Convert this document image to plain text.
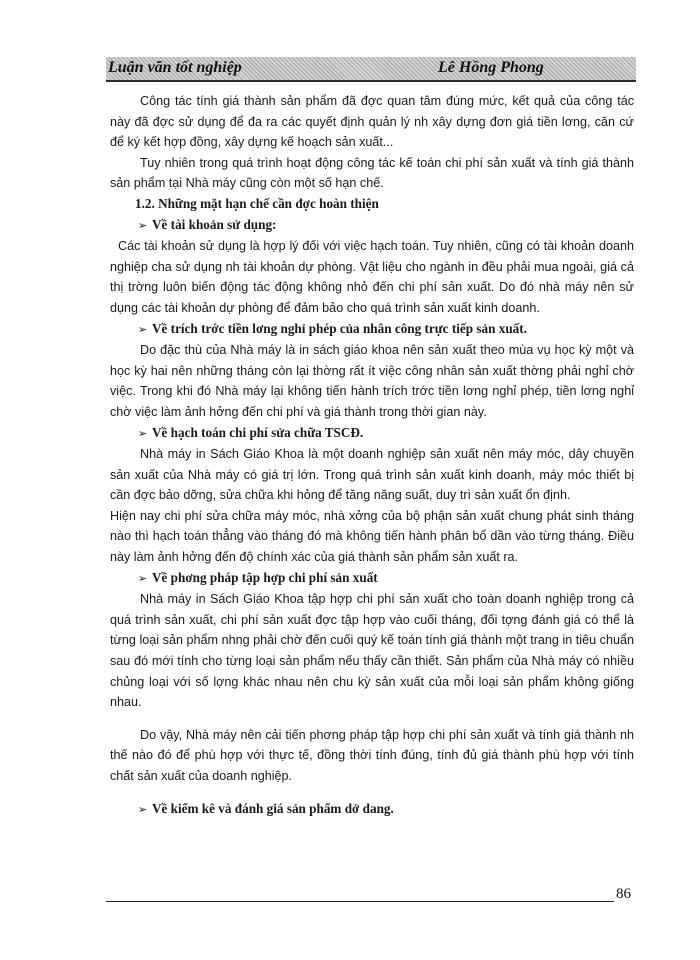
Luận văn tốt nghiệp	Lê Hồng Phong

Công tác tính giá thành sản phẩm đã đợc quan tâm đúng mức, kết quả của công tác này đã đợc sử dụng để đa ra các quyết định quản lý nh xây dựng đơn giá tiền lơng, căn cứ để ký kết hợp đồng, xây dựng kế hoạch sản xuất...

Tuy nhiên trong quá trình hoạt động công tác kế toán chi phí sản xuất và tính giá thành sản phẩm tại Nhà máy cũng còn một số hạn chế.

1.2. Những mặt hạn chế cần đợc hoàn thiện

➢ Về tài khoản sử dụng:

Các tài khoản sử dụng là hợp lý đối với việc hạch toán. Tuy nhiên, cũng có tài khoản doanh nghiệp cha sử dụng nh tài khoản dự phòng. Vật liệu cho ngành in đều phải mua ngoài, giá cả thị trờng luôn biến động tác động không nhỏ đến chi phí sản xuất. Do đó nhà máy nên sử dụng các tài khoản dự phòng để đảm bảo cho quá trình sản xuất kinh doanh.

➢ Về trích trớc tiền lơng nghỉ phép của nhân công trực tiếp sản xuất.

Do đặc thù của Nhà máy là in sách giáo khoa nên sản xuất theo mùa vụ học kỳ một và học kỳ hai nên những tháng còn lại thờng rất ít việc công nhân sản xuất thờng phải nghỉ chờ việc. Trong khi đó Nhà máy lại không tiến hành trích trớc tiền lơng nghỉ phép, tiền lơng nghỉ chờ việc làm ảnh hởng đến chi phí và giá thành trong thời gian này.

➢ Về hạch toán chi phí sửa chữa TSCĐ.

Nhà máy in Sách Giáo Khoa là một doanh nghiệp sản xuất nên máy móc, dây chuyền sản xuất của Nhà máy có giá trị lớn. Trong quá trình sản xuất kinh doanh, máy móc thiết bị cần đợc bảo dỡng, sửa chữa khi hỏng để tăng năng suất, duy trì sản xuất ổn định.

Hiện nay chi phí sửa chữa máy móc, nhà xởng của bộ phận sản xuất chung phát sinh tháng nào thì hạch toán thẳng vào tháng đó mà không tiến hành phân bổ dần vào từng tháng. Điều này làm ảnh hởng đến độ chính xác của giá thành sản phẩm sản xuất ra.

➢ Về phơng pháp tập hợp chi phí sản xuất

Nhà máy in Sách Giáo Khoa tập hợp chi phí sản xuất cho toàn doanh nghiệp trong cả quá trình sản xuất, chi phí sản xuất đợc tập hợp vào cuối tháng, đối tợng đánh giá có thể là từng loại sản phẩm nhng phải chờ đến cuối quý kế toán tính giá thành một trang in tiêu chuẩn sau đó mới tính cho từng loại sản phẩm nếu thấy cần thiết. Sản phẩm của Nhà máy có nhiều chủng loại với số lợng khác nhau nên chu kỳ sản xuất của mỗi loại sản phẩm không giống nhau.

Do vậy, Nhà máy nên cải tiến phơng pháp tập hợp chi phí sản xuất và tính giá thành nh thế nào đó để phù hợp với thực tế, đồng thời tính đúng, tính đủ giá thành phù hợp với tính chất sản xuất của doanh nghiệp.

➢ Về kiểm kê và đánh giá sản phẩm dở dang.

86
